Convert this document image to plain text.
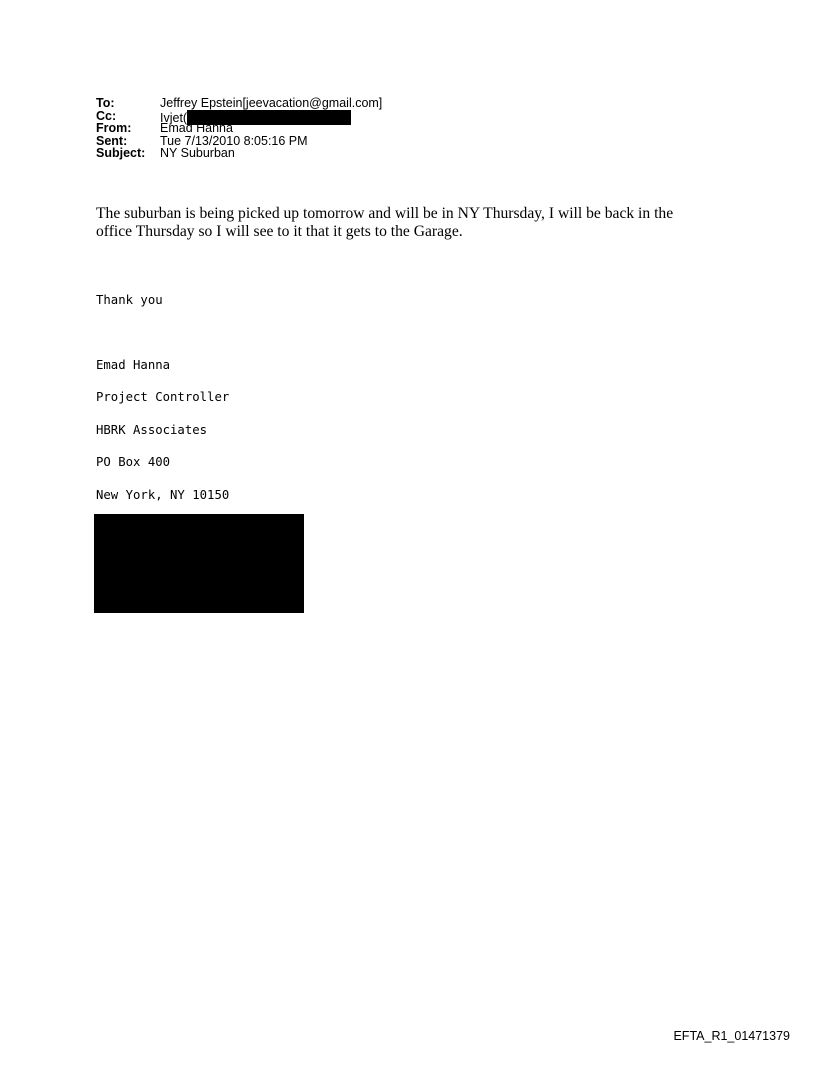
To:	Jeffrey Epstein[jeevacation@gmail.com]
Cc:	Ivjet(
From: Emad Hanna
Sent:	Tue 7/13/2010 8:05:16 PM
Subject: NY Suburban

The suburban is being picked up tomorrow and will be in NY Thursday, I will be back in the

office Thursday so I will see to it that it gets to the Garage.

Thank you
Emad Hanna
Project Controller
HBRK Associates
PO Box 400
New York, NY 10150
EFTA_R1_01471379
